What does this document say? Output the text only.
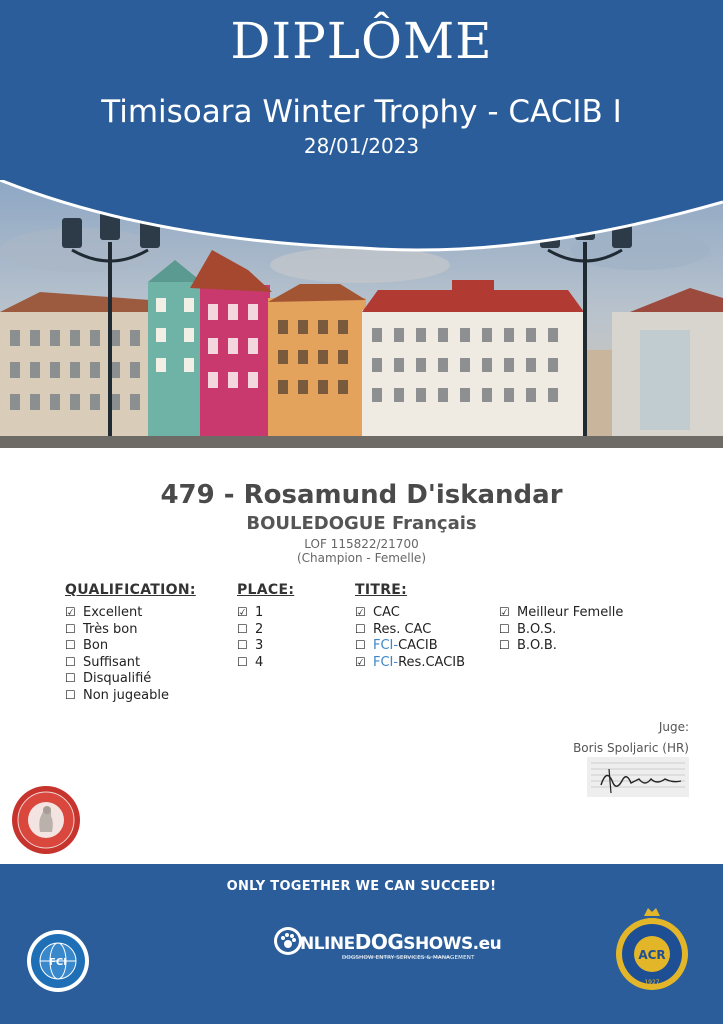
DIPLÔME
Timisoara Winter Trophy - CACIB I
28/01/2023
479 - Rosamund D'iskandar
BOULEDOGUE Français
LOF 115822/21700
(Champion - Femelle)
QUALIFICATION:
☑ Excellent
☐ Très bon
☐ Bon
☐ Suffisant
☐ Disqualifié
☐ Non jugeable
PLACE:
☑ 1
☐ 2
☐ 3
☐ 4
TITRE:
☑ CAC
☐ Res. CAC
☐ FCI-CACIB
☑ FCI-Res.CACIB
☑ Meilleur Femelle
☐ B.O.S.
☐ B.O.B.
Juge:
Boris Spoljaric (HR)
ONLY TOGETHER WE CAN SUCCEED!
FCI
NLINEDOGSHOWS.eu
DOGSHOW ENTRY SERVICES & MANAGEMENT	ACR
1927
